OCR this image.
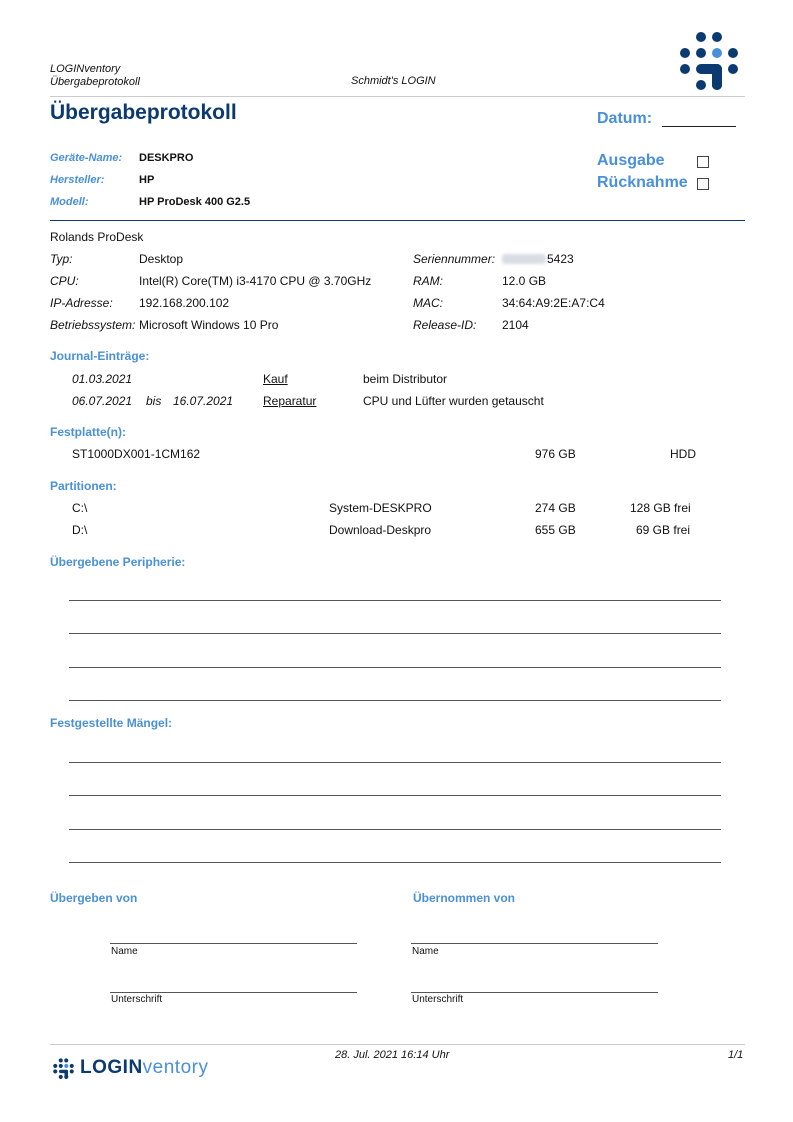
LOGINventory
Übergabeprotokoll	Schmidt's LOGIN
Übergabeprotokoll	Datum:
Geräte-Name: DESKPRO
Hersteller:	HP
Modell:	HP ProDesk 400 G2.5
Ausgabe
Rücknahme
Rolands ProDesk
Typ:	Desktop
CPU:	Intel(R) Core(TM) i3-4170 CPU @ 3.70GHz
IP-Adresse: 192.168.200.102
Betriebssystem: Microsoft Windows 10 Pro
Seriennummer:	5423
RAM:	12.0 GB
MAC:	34:64:A9:2E:A7:C4
Release-ID: 2104
Journal-Einträge:
01.03.2021	Kauf	beim Distributor
06.07.2021 bis 16.07.2021 Reparatur	CPU und Lüfter wurden getauscht
Festplatte(n):
ST1000DX001-1CM162	976 GB	HDD
Partitionen:
C:\	System-DESKPRO	274 GB	128 GB frei
D:\	Download-Deskpro	655 GB	69 GB frei
Übergebene Peripherie:
Festgestellte Mängel:
Übergeben von	Übernommen von
Name	Name
Unterschrift	Unterschrift
LOGINventory
28. Jul. 2021 16:14 Uhr	1/1
